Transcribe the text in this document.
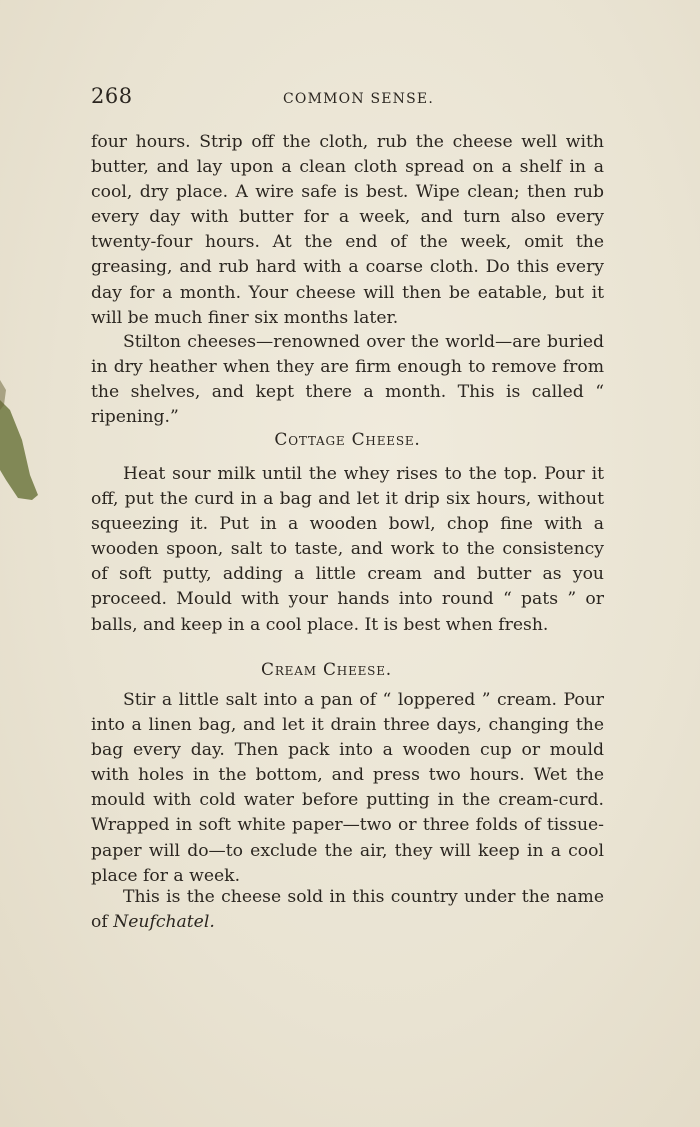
268	COMMON SENSE.

four hours. Strip off the cloth, rub the cheese well with butter, and lay upon a clean cloth spread on a shelf in a cool, dry place. A wire safe is best. Wipe clean; then rub every day with butter for a week, and turn also every twenty-four hours. At the end of the week, omit the greasing, and rub hard with a coarse cloth. Do this every day for a month. Your cheese will then be eatable, but it will be much finer six months later.

Stilton cheeses—renowned over the world—are buried in dry heather when they are firm enough to remove from the shelves, and kept there a month. This is called “ ripening.”

Cottage Cheese.

Heat sour milk until the whey rises to the top. Pour it off, put the curd in a bag and let it drip six hours, without squeezing it. Put in a wooden bowl, chop fine with a wooden spoon, salt to taste, and work to the consistency of soft putty, adding a little cream and butter as you proceed. Mould with your hands into round “ pats ” or balls, and keep in a cool place. It is best when fresh.

Cream Cheese.

Stir a little salt into a pan of “ loppered ” cream. Pour into a linen bag, and let it drain three days, changing the bag every day. Then pack into a wooden cup or mould with holes in the bottom, and press two hours. Wet the mould with cold water before putting in the cream-curd. Wrapped in soft white paper—two or three folds of tissue-paper will do—to exclude the air, they will keep in a cool place for a week.

This is the cheese sold in this country under the name of Neufchatel.
